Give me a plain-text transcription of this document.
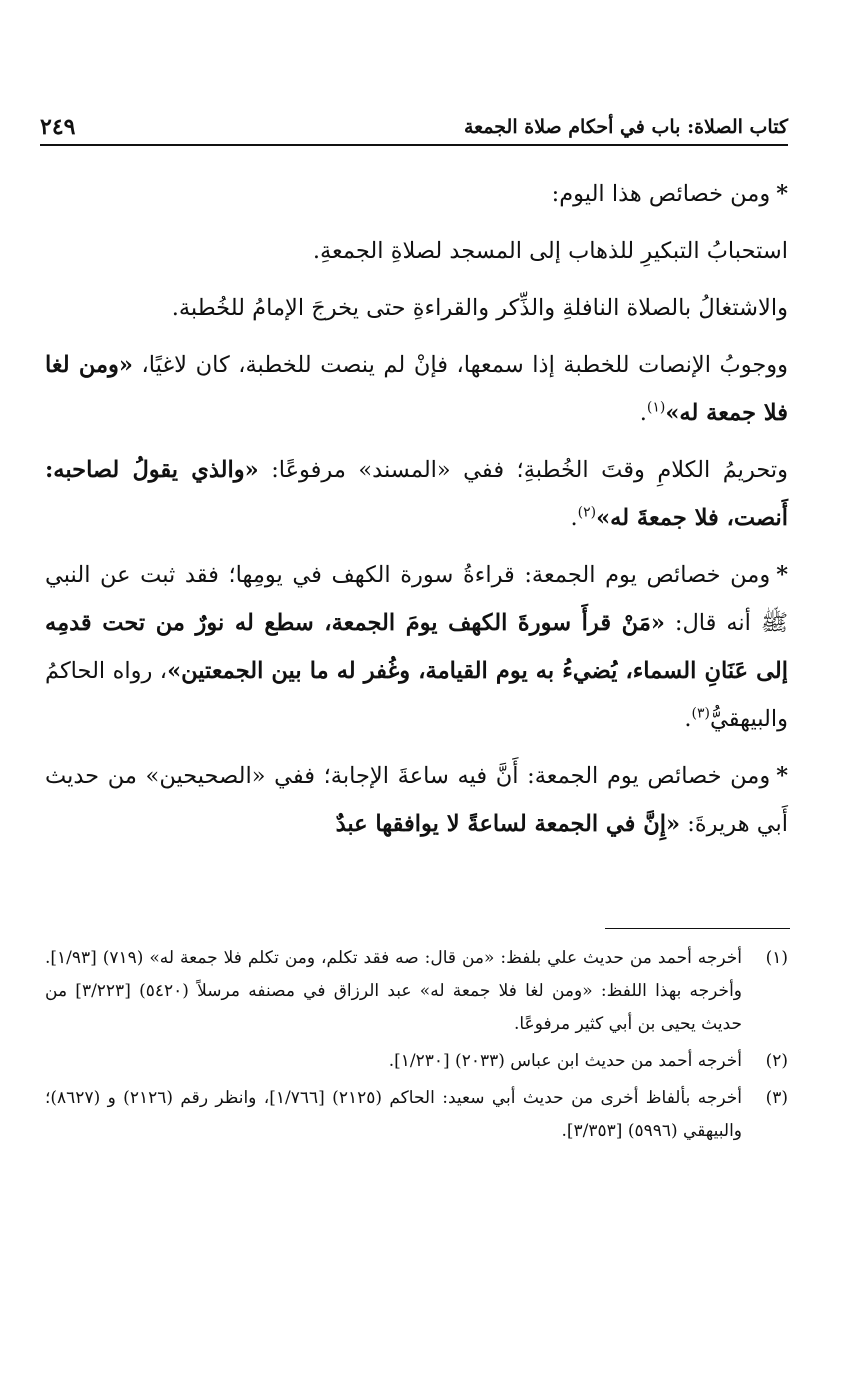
كتاب الصلاة: باب في أحكام صلاة الجمعة
٢٤٩

*ومن خصائص هذا اليوم:

استحبابُ التبكيرِ للذهاب إلى المسجد لصلاةِ الجمعةِ.

والاشتغالُ بالصلاة النافلةِ والذِّكر والقراءةِ حتى يخرجَ الإمامُ للخُطبة.

ووجوبُ الإنصات للخطبة إذا سمعها، فإنْ لم ينصت للخطبة، كان لاغيًا، «ومن لغا فلا جمعة له»$^{(١)}$.

وتحريمُ الكلامِ وقتَ الخُطبةِ؛ ففي «المسند» مرفوعًا: «والذي يقولُ لصاحبه: أَنصت، فلا جمعةَ له»$^{(٢)}$.

*ومن خصائص يوم الجمعة: قراءةُ سورة الكهف في يومِها؛ فقد ثبت عن النبي ﷺ أنه قال: «مَنْ قرأَ سورةَ الكهف يومَ الجمعة، سطع له نورٌ من تحت قدمِه إلى عَنَانِ السماء، يُضيءُ به يوم القيامة، وغُفر له ما بين الجمعتين»، رواه الحاكمُ والبيهقيُّ$^{(٣)}$.

*ومن خصائص يوم الجمعة: أَنَّ فيه ساعةَ الإجابة؛ ففي «الصحيحين» من حديث أَبي هريرةَ: «إِنَّ في الجمعة لساعةً لا يوافقها عبدٌ

(١)
أخرجه أحمد من حديث علي بلفظ: «من قال: صه فقد تكلم، ومن تكلم فلا جمعة له» (٧١٩) [١/٩٣]. وأخرجه بهذا اللفظ: «ومن لغا فلا جمعة له» عبد الرزاق في مصنفه مرسلاً (٥٤٢٠) [٣/٢٢٣] من حديث يحيى بن أبي كثير مرفوعًا.
(٢)
أخرجه أحمد من حديث ابن عباس (٢٠٣٣) [١/٢٣٠].
(٣)
أخرجه بألفاظ أخرى من حديث أبي سعيد: الحاكم (٢١٢٥) [١/٧٦٦]، وانظر رقم (٢١٢٦) و (٨٦٢٧)؛ والبيهقي (٥٩٩٦) [٣/٣٥٣].
